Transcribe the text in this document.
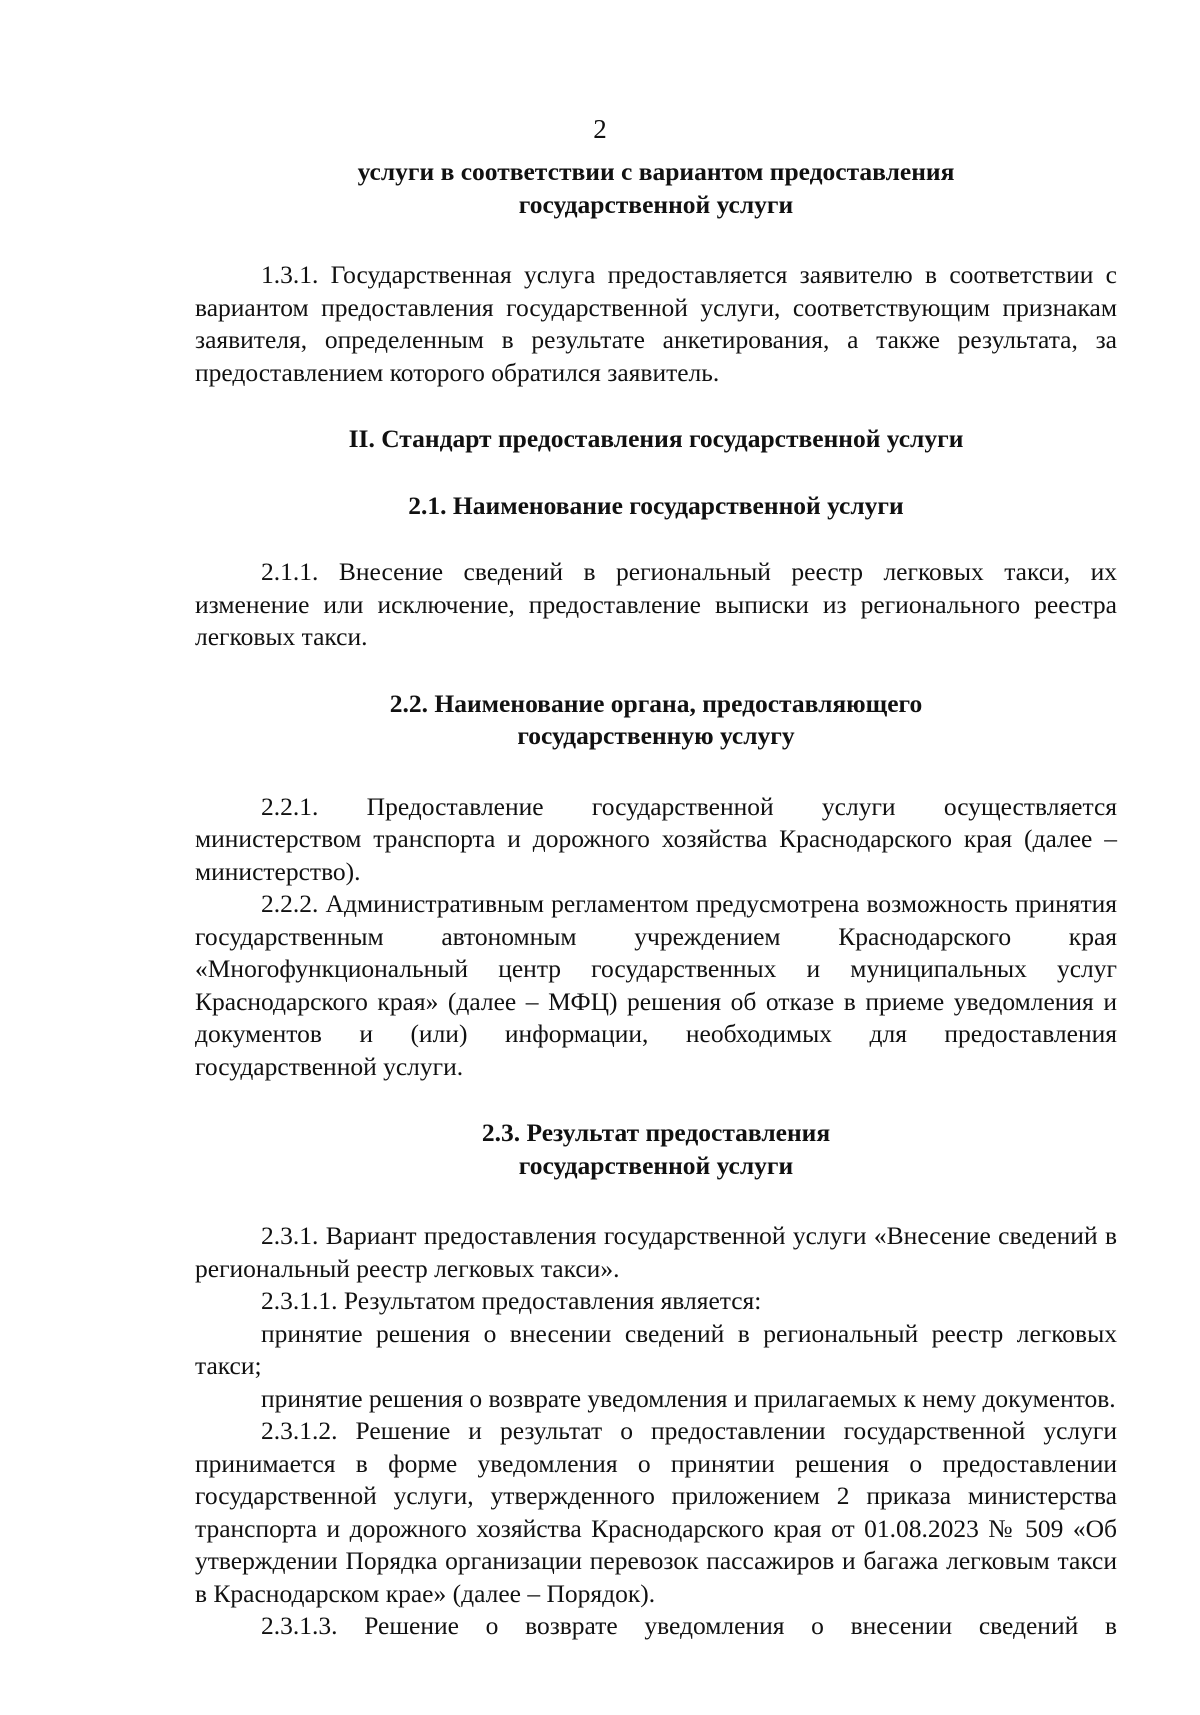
2
услуги в соответствии с вариантом предоставления
государственной услуги

1.3.1. Государственная услуга предоставляется заявителю в соответствии с вариантом предоставления государственной услуги, соответствующим признакам заявителя, определенным в результате анкетирования, а также результата, за предоставлением которого обратился заявитель.

II. Стандарт предоставления государственной услуги
2.1. Наименование государственной услуги

2.1.1. Внесение сведений в региональный реестр легковых такси, их изменение или исключение, предоставление выписки из регионального реестра легковых такси.

2.2. Наименование органа, предоставляющего
государственную услугу

2.2.1. Предоставление государственной услуги осуществляется министерством транспорта и дорожного хозяйства Краснодарского края (далее – министерство).

2.2.2. Административным регламентом предусмотрена возможность принятия государственным автономным учреждением Краснодарского края «Многофункциональный центр государственных и муниципальных услуг Краснодарского края» (далее – МФЦ) решения об отказе в приеме уведомления и документов и (или) информации, необходимых для предоставления государственной услуги.

2.3. Результат предоставления
государственной услуги

2.3.1. Вариант предоставления государственной услуги «Внесение сведений в региональный реестр легковых такси».

2.3.1.1. Результатом предоставления является:

принятие решения о внесении сведений в региональный реестр легковых такси;

принятие решения о возврате уведомления и прилагаемых к нему документов.

2.3.1.2. Решение и результат о предоставлении государственной услуги принимается в форме уведомления о принятии решения о предоставлении государственной услуги, утвержденного приложением 2 приказа министерства транспорта и дорожного хозяйства Краснодарского края от 01.08.2023 № 509 «Об утверждении Порядка организации перевозок пассажиров и багажа легковым такси в Краснодарском крае» (далее – Порядок).

2.3.1.3. Решение о возврате уведомления о внесении сведений в
